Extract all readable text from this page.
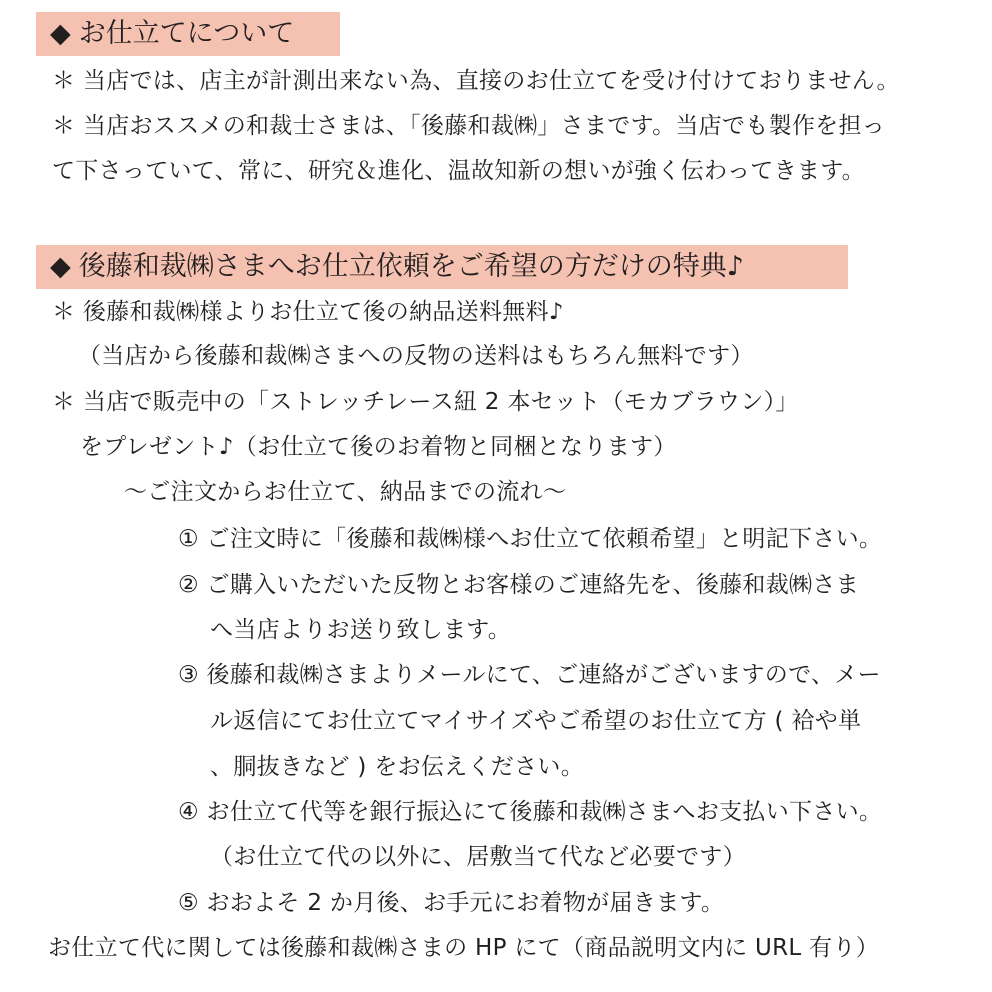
◆ お仕立てについて
＊ 当店では、店主が計測出来ない為、直接のお仕立てを受け付けておりません。
＊ 当店おススメの和裁士さまは、「後藤和裁㈱」さまです。当店でも製作を担っ
て下さっていて、常に、研究＆進化、温故知新の想いが強く伝わってきます。
◆ 後藤和裁㈱さまへお仕立依頼をご希望の方だけの特典♪
＊ 後藤和裁㈱様よりお仕立て後の納品送料無料♪
（当店から後藤和裁㈱さまへの反物の送料はもちろん無料です）
＊ 当店で販売中の「ストレッチレース紐 2 本セット（モカブラウン）」
をプレゼント♪（お仕立て後のお着物と同梱となります）
～ご注文からお仕立て、納品までの流れ～
① ご注文時に「後藤和裁㈱様へお仕立て依頼希望」と明記下さい。
② ご購入いただいた反物とお客様のご連絡先を、後藤和裁㈱さま
へ当店よりお送り致します。
③ 後藤和裁㈱さまよりメールにて、ご連絡がございますので、メー
ル返信にてお仕立てマイサイズやご希望のお仕立て方 ( 袷や単
、胴抜きなど ) をお伝えください。
④ お仕立て代等を銀行振込にて後藤和裁㈱さまへお支払い下さい。
（お仕立て代の以外に、居敷当て代など必要です）
⑤ おおよそ 2 か月後、お手元にお着物が届きます。
お仕立て代に関しては後藤和裁㈱さまの HP にて（商品説明文内に URL 有り）
